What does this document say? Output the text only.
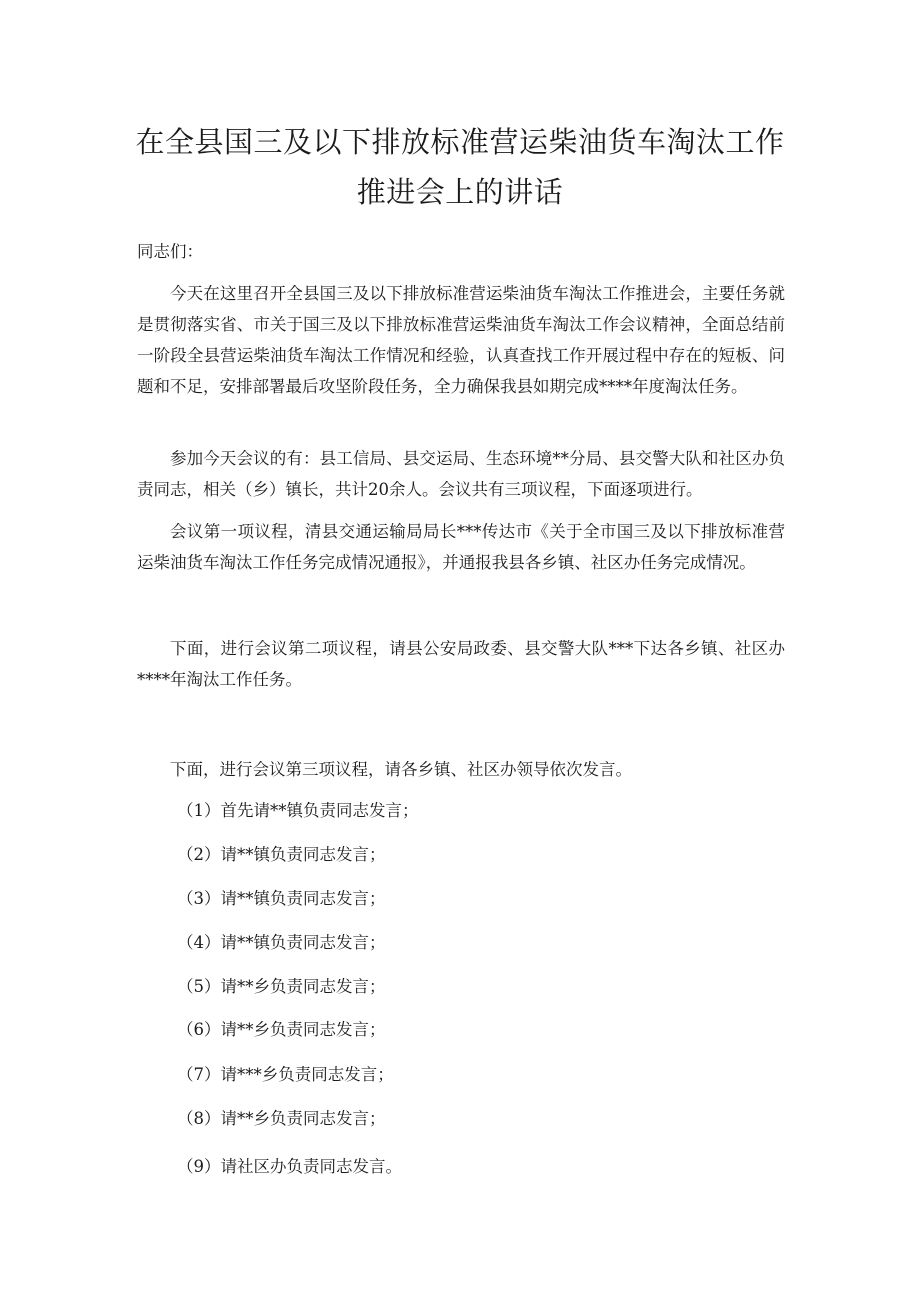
在全县国三及以下排放标准营运柴油货车淘汰工作
推进会上的讲话

同志们：

今天在这里召开全县国三及以下排放标准营运柴油货车淘汰工作推进会，主要任务就是贯彻落实省、市关于国三及以下排放标准营运柴油货车淘汰工作会议精神，全面总结前一阶段全县营运柴油货车淘汰工作情况和经验，认真查找工作开展过程中存在的短板、问题和不足，安排部署最后攻坚阶段任务，全力确保我县如期完成****年度淘汰任务。

参加今天会议的有：县工信局、县交运局、生态环境**分局、县交警大队和社区办负责同志，相关（乡）镇长，共计20余人。会议共有三项议程，下面逐项进行。

会议第一项议程，清县交通运输局局长***传达市《关于全市国三及以下排放标准营运柴油货车淘汰工作任务完成情况通报》，并通报我县各乡镇、社区办任务完成情况。

下面，进行会议第二项议程，请县公安局政委、县交警大队***下达各乡镇、社区办****年淘汰工作任务。

下面，进行会议第三项议程，请各乡镇、社区办领导依次发言。

（1）首先请**镇负责同志发言；

（2）请**镇负责同志发言；

（3）请**镇负责同志发言；

（4）请**镇负责同志发言；

（5）请**乡负责同志发言；

（6）请**乡负责同志发言；

（7）请***乡负责同志发言；

（8）请**乡负责同志发言；

（9）请社区办负责同志发言。
